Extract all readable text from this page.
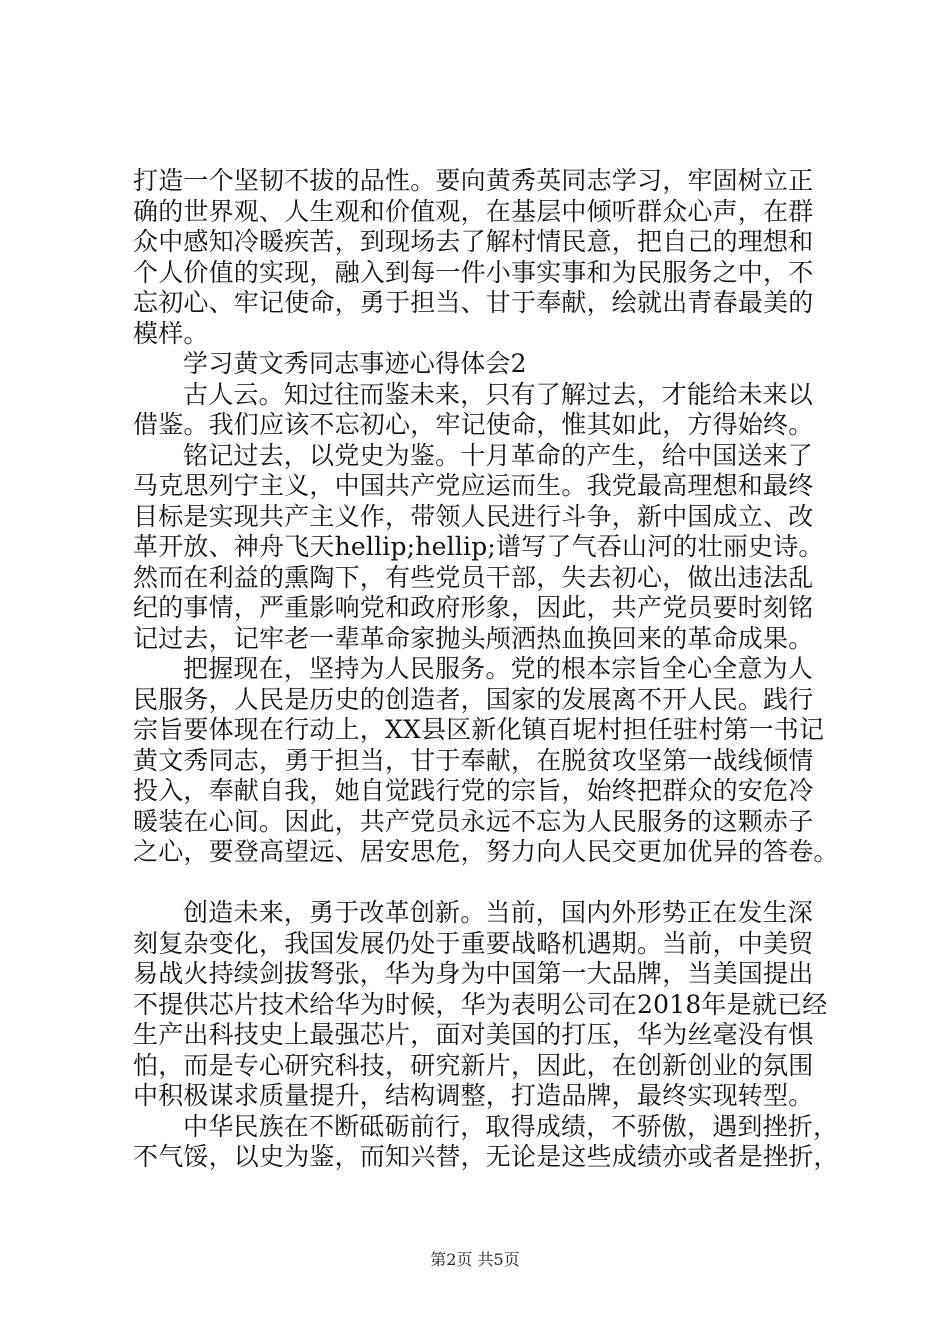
打造一个坚韧不拔的品性。要向黄秀英同志学习，牢固树立正
确的世界观、人生观和价值观，在基层中倾听群众心声，在群
众中感知冷暖疾苦，到现场去了解村情民意，把自己的理想和
个人价值的实现，融入到每一件小事实事和为民服务之中，不
忘初心、牢记使命，勇于担当、甘于奉献，绘就出青春最美的
模样。
学习黄文秀同志事迹心得体会2
古人云。知过往而鉴未来，只有了解过去，才能给未来以
借鉴。我们应该不忘初心，牢记使命，惟其如此，方得始终。
铭记过去，以党史为鉴。十月革命的产生，给中国送来了
马克思列宁主义，中国共产党应运而生。我党最高理想和最终
目标是实现共产主义作，带领人民进行斗争，新中国成立、改
革开放、神舟飞天hellip;hellip;谱写了气吞山河的壮丽史诗。
然而在利益的熏陶下，有些党员干部，失去初心，做出违法乱
纪的事情，严重影响党和政府形象，因此，共产党员要时刻铭
记过去，记牢老一辈革命家抛头颅洒热血换回来的革命成果。
把握现在，坚持为人民服务。党的根本宗旨全心全意为人
民服务，人民是历史的创造者，国家的发展离不开人民。践行
宗旨要体现在行动上，XX县区新化镇百坭村担任驻村第一书记
黄文秀同志，勇于担当，甘于奉献，在脱贫攻坚第一战线倾情
投入，奉献自我，她自觉践行党的宗旨，始终把群众的安危冷
暖装在心间。因此，共产党员永远不忘为人民服务的这颗赤子
之心，要登高望远、居安思危，努力向人民交更加优异的答卷。
创造未来，勇于改革创新。当前，国内外形势正在发生深
刻复杂变化，我国发展仍处于重要战略机遇期。当前，中美贸
易战火持续剑拔弩张，华为身为中国第一大品牌，当美国提出
不提供芯片技术给华为时候，华为表明公司在2018年是就已经
生产出科技史上最强芯片，面对美国的打压，华为丝毫没有惧
怕，而是专心研究科技，研究新片，因此，在创新创业的氛围
中积极谋求质量提升，结构调整，打造品牌，最终实现转型。
中华民族在不断砥砺前行，取得成绩，不骄傲，遇到挫折，
不气馁，以史为鉴，而知兴替，无论是这些成绩亦或者是挫折，
第2页 共5页
